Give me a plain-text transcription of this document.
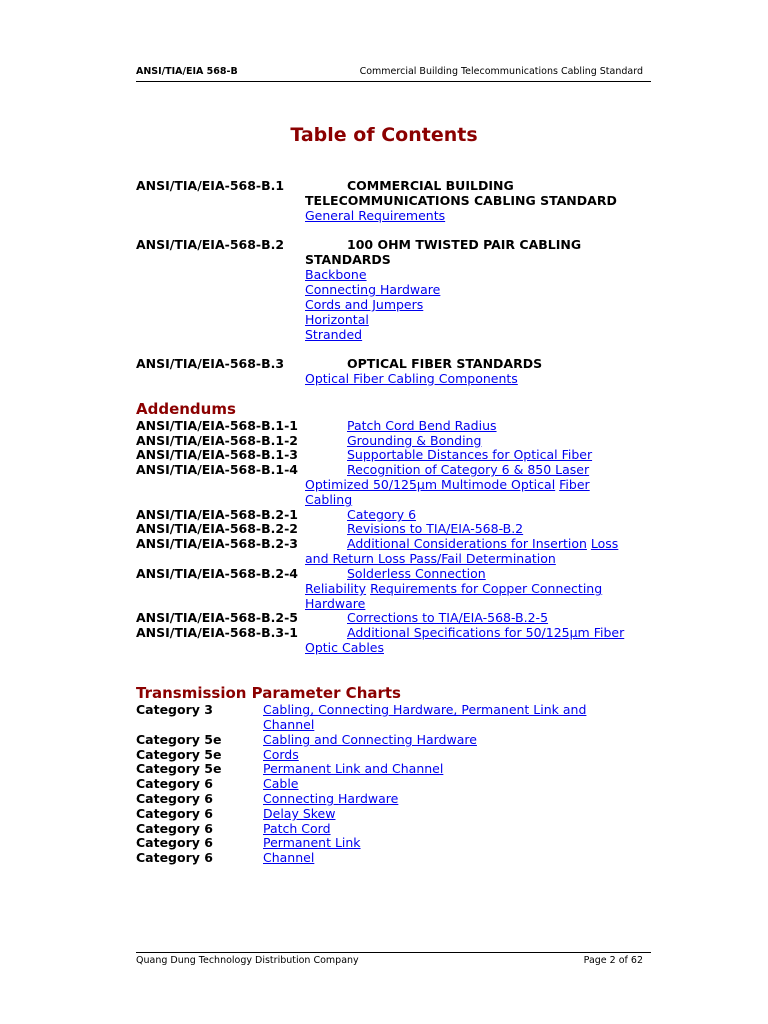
ANSI/TIA/EIA 568-B	Commercial Building Telecommunications Cabling Standard
Table of Contents
ANSI/TIA/EIA-568-B.1	COMMERCIAL BUILDING
TELECOMMUNICATIONS CABLING STANDARD
General Requirements
ANSI/TIA/EIA-568-B.2	100 OHM TWISTED PAIR CABLING
STANDARDS
Backbone
Connecting Hardware
Cords and Jumpers
Horizontal
Stranded
ANSI/TIA/EIA-568-B.3	OPTICAL FIBER STANDARDS
Optical Fiber Cabling Components
Addendums
ANSI/TIA/EIA-568-B.1-1	Patch Cord Bend Radius
ANSI/TIA/EIA-568-B.1-2	Grounding & Bonding
ANSI/TIA/EIA-568-B.1-3	Supportable Distances for Optical Fiber
ANSI/TIA/EIA-568-B.1-4	Recognition of Category 6 & 850 Laser
Optimized 50/125µm Multimode Optical Fiber
Cabling
ANSI/TIA/EIA-568-B.2-1	Category 6
ANSI/TIA/EIA-568-B.2-2	Revisions to TIA/EIA-568-B.2
ANSI/TIA/EIA-568-B.2-3	Additional Considerations for Insertion Loss
and Return Loss Pass/Fail Determination
ANSI/TIA/EIA-568-B.2-4	Solderless Connection
Reliability Requirements for Copper Connecting
Hardware
ANSI/TIA/EIA-568-B.2-5	Corrections to TIA/EIA-568-B.2-5
ANSI/TIA/EIA-568-B.3-1	Additional Specifications for 50/125µm Fiber
Optic Cables
Transmission Parameter Charts
Category 3	Cabling, Connecting Hardware, Permanent Link and
Channel
Category 5e	Cabling and Connecting Hardware
Category 5e	Cords
Category 5e	Permanent Link and Channel
Category 6	Cable
Category 6	Connecting Hardware
Category 6	Delay Skew
Category 6	Patch Cord
Category 6	Permanent Link
Category 6	Channel
Quang Dung Technology Distribution Company	Page 2 of 62
